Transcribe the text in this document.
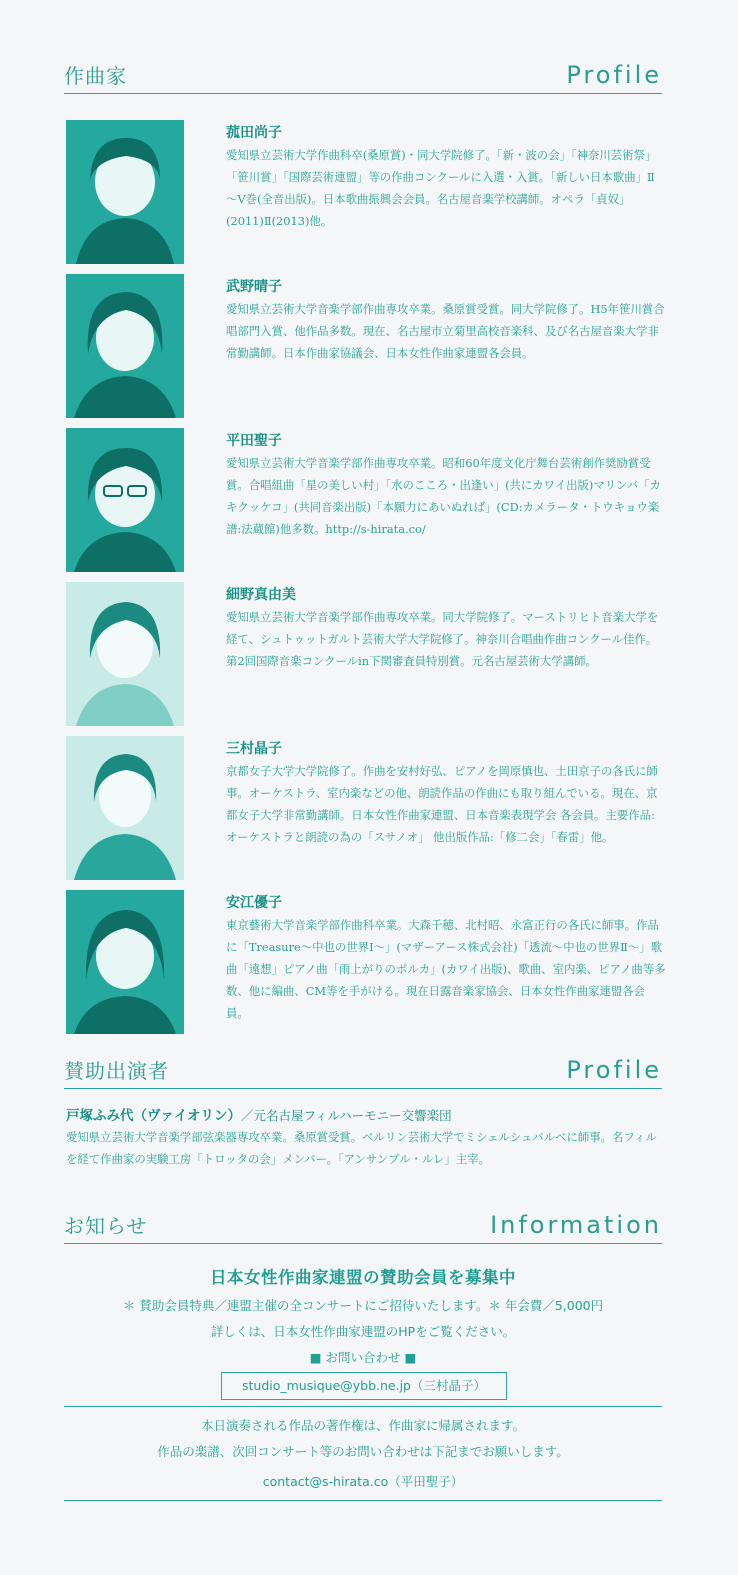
作曲家	Profile
菰田尚子
愛知県立芸術大学作曲科卒(桑原賞)・同大学院修了。「新・波の会」「神奈川芸術祭」「笹川賞」「国際芸術連盟」等の作曲コンクールに入選・入賞。「新しい日本歌曲」Ⅱ～Ⅴ巻(全音出版)。日本歌曲振興会会員。名古屋音楽学校講師。オペラ「貞奴」(2011)Ⅱ(2013)他。
武野晴子
愛知県立芸術大学音楽学部作曲専攻卒業。桑原賞受賞。同大学院修了。H5年笹川賞合唱部門入賞、他作品多数。現在、名古屋市立菊里高校音楽科、及び名古屋音楽大学非常勤講師。日本作曲家協議会、日本女性作曲家連盟各会員。
平田聖子
愛知県立芸術大学音楽学部作曲専攻卒業。昭和60年度文化庁舞台芸術創作奨励賞受賞。合唱組曲「星の美しい村」「水のこころ・出逢い」(共にカワイ出版)マリンバ「カキクッケコ」(共同音楽出版)「本願力にあいぬれば」(CD:カメラータ・トウキョウ楽譜:法蔵館)他多数。http://s-hirata.co/
細野真由美
愛知県立芸術大学音楽学部作曲専攻卒業。同大学院修了。マーストリヒト音楽大学を経て、シュトゥットガルト芸術大学大学院修了。神奈川合唱曲作曲コンクール佳作。第2回国際音楽コンクールin下関審査員特別賞。元名古屋芸術大学講師。
三村晶子
京都女子大学大学院修了。作曲を安村好弘、ピアノを岡原慎也、土田京子の各氏に師事。オーケストラ、室内楽などの他、朗読作品の作曲にも取り組んでいる。現在、京都女子大学非常勤講師。日本女性作曲家連盟、日本音楽表現学会 各会員。主要作品:オーケストラと朗読の為の「スサノオ」 他出版作品:「修二会」「春雷」他。
安江優子
東京藝術大学音楽学部作曲科卒業。大森千穂、北村昭、永富正行の各氏に師事。作品に「Treasure～中也の世界Ⅰ～」(マザーアース株式会社)「透流～中也の世界Ⅱ～」歌曲「遠想」ピアノ曲「雨上がりのポルカ」(カワイ出版)、歌曲、室内楽、ピアノ曲等多数、他に編曲、CM等を手がける。現在日露音楽家協会、日本女性作曲家連盟各会員。
賛助出演者	Profile
戸塚ふみ代（ヴァイオリン）／元名古屋フィルハーモニー交響楽団
愛知県立芸術大学音楽学部弦楽器専攻卒業。桑原賞受賞。ベルリン芸術大学でミシェルシュバルベに師事。名フィルを経て作曲家の実験工房「トロッタの会」メンバー。「アンサンブル・ルレ」主宰。
お知らせ	Information
日本女性作曲家連盟の賛助会員を募集中
＊ 賛助会員特典／連盟主催の全コンサートにご招待いたします。＊ 年会費／5,000円
詳しくは、日本女性作曲家連盟のHPをご覧ください。
■ お問い合わせ ■
studio_musique@ybb.ne.jp（三村晶子）
本日演奏される作品の著作権は、作曲家に帰属されます。
作品の楽譜、次回コンサート等のお問い合わせは下記までお願いします。
contact@s-hirata.co（平田聖子）
